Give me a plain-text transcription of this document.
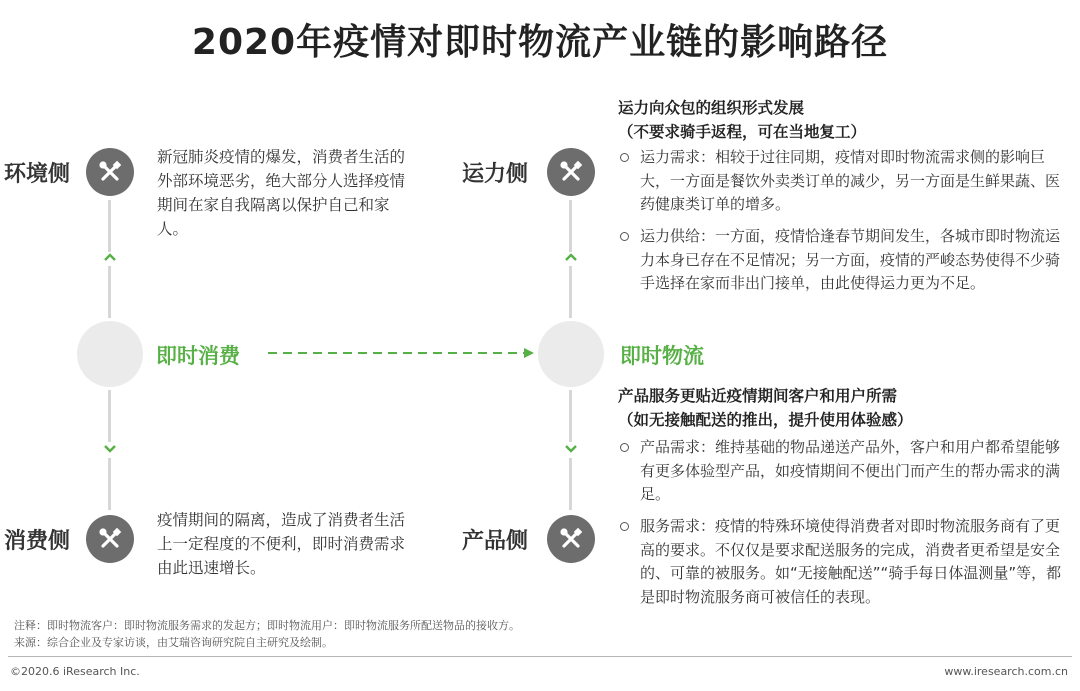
2020年疫情对即时物流产业链的影响路径
环境侧
即时消费
消费侧
新冠肺炎疫情的爆发，消费者生活的外部环境恶劣，绝大部分人选择疫情期间在家自我隔离以保护自己和家人。
疫情期间的隔离，造成了消费者生活上一定程度的不便利，即时消费需求由此迅速增长。
运力侧
即时物流
产品侧
运力向众包的组织形式发展
（不要求骑手返程，可在当地复工）
运力需求：相较于过往同期，疫情对即时物流需求侧的影响巨大，一方面是餐饮外卖类订单的减少，另一方面是生鲜果蔬、医药健康类订单的增多。
运力供给：一方面，疫情恰逢春节期间发生，各城市即时物流运力本身已存在不足情况；另一方面，疫情的严峻态势使得不少骑手选择在家而非出门接单，由此使得运力更为不足。
产品服务更贴近疫情期间客户和用户所需
（如无接触配送的推出，提升使用体验感）
产品需求：维持基础的物品递送产品外，客户和用户都希望能够有更多体验型产品，如疫情期间不便出门而产生的帮办需求的满足。
服务需求：疫情的特殊环境使得消费者对即时物流服务商有了更高的要求。不仅仅是要求配送服务的完成，消费者更希望是安全的、可靠的被服务。如“无接触配送”“骑手每日体温测量”等，都是即时物流服务商可被信任的表现。
注释：即时物流客户：即时物流服务需求的发起方；即时物流用户：即时物流服务所配送物品的接收方。
来源：综合企业及专家访谈，由艾瑞咨询研究院自主研究及绘制。
©2020.6 iResearch Inc.	www.iresearch.com.cn
